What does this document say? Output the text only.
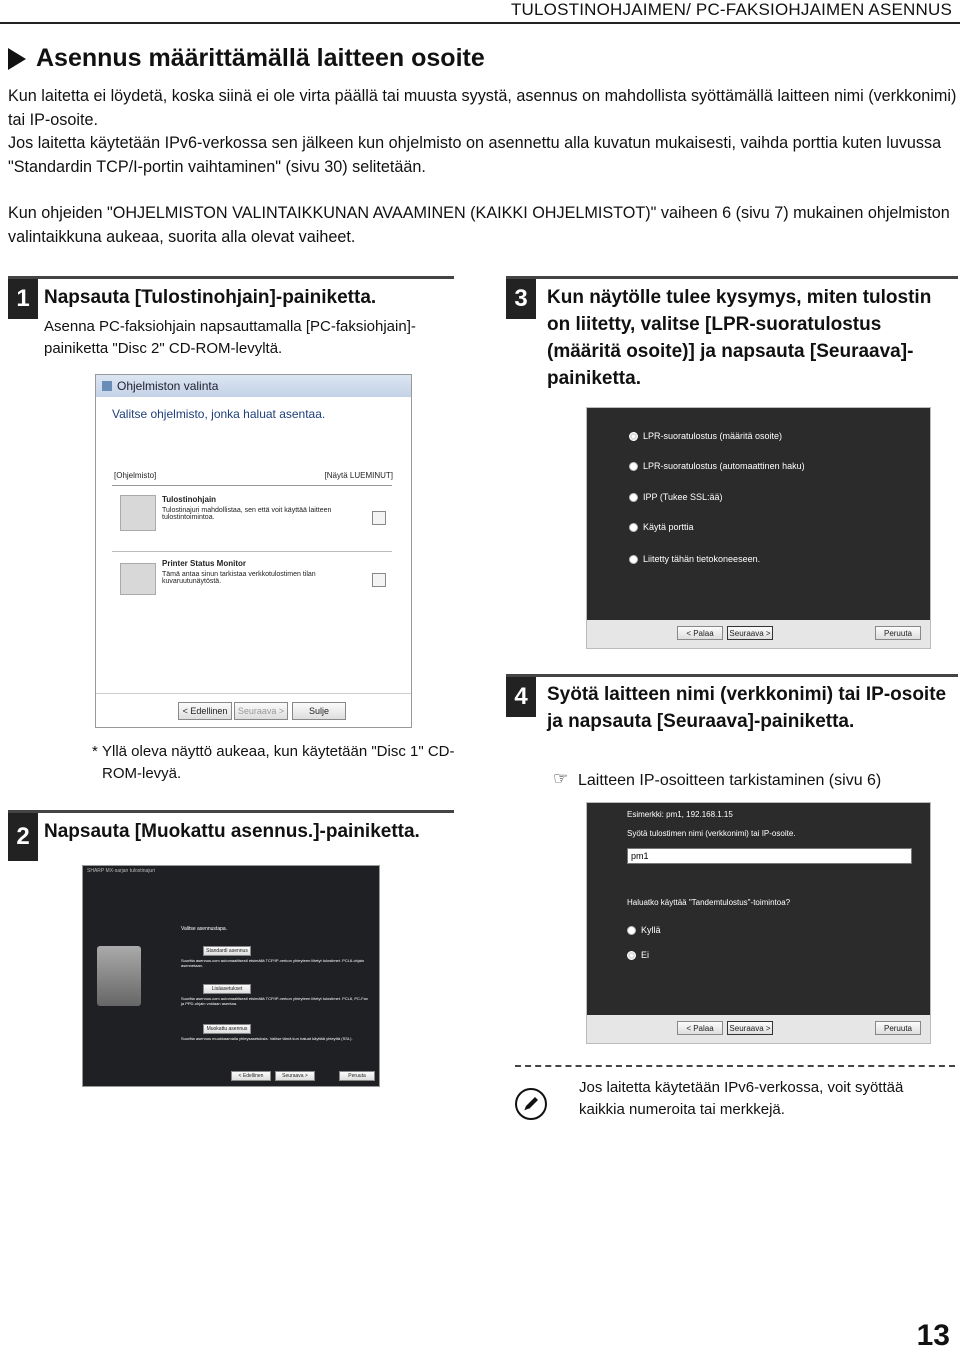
TULOSTINOHJAIMEN/ PC-FAKSIOHJAIMEN ASENNUS
Asennus määrittämällä laitteen osoite
Kun laitetta ei löydetä, koska siinä ei ole virta päällä tai muusta syystä, asennus on mahdollista syöttämällä laitteen nimi (verkkonimi) tai IP-osoite.
Jos laitetta käytetään IPv6-verkossa sen jälkeen kun ohjelmisto on asennettu alla kuvatun mukaisesti, vaihda porttia kuten luvussa "Standardin TCP/I-portin vaihtaminen" (sivu 30) selitetään.
Kun ohjeiden "OHJELMISTON VALINTAIKKUNAN AVAAMINEN (KAIKKI OHJELMISTOT)" vaiheen 6 (sivu 7) mukainen ohjelmiston valintaikkuna aukeaa, suorita alla olevat vaiheet.
1 Napsauta [Tulostinohjain]-painiketta.
Asenna PC-faksiohjain napsauttamalla [PC-faksiohjain]-painiketta "Disc 2" CD-ROM-levyltä.
Ohjelmiston valinta
Valitse ohjelmisto, jonka haluat asentaa.
[Ohjelmisto]	[Näytä LUEMINUT]
Tulostinohjain
Tulostinajuri mahdollistaa, sen että voit käyttää laitteen tulostintoimintoa.
Printer Status Monitor
Tämä antaa sinun tarkistaa verkkotulostimen tilan kuvaruutunäytöstä.
< Edellinen	Seuraava >	Sulje
* Yllä oleva näyttö aukeaa, kun käytetään "Disc 1" CD-ROM-levyä.
2 Napsauta [Muokattu asennus.]-painiketta.
SHARP MX-sarjan tulostinajuri
Valitse asennustapa.
Standardi asennus
Suoritta asennus.com automaattisesti etsimällä TCP/IP-verkon yhteyteen liitetyt tulostimet. PCL6-ohjain asennetaan.
Lisäasetukset
Suoritta asennus.com automaattisesti etsimällä TCP/IP-verkon yhteyteen liitetyt tulostimet. PCL6, PC-Fax ja PPD-ohjain voidaan asentaa.
Muokattu asennus
Suoritta asennus muokkaamalla yhteysasetuksia. Valitse tämä kun haluat käyttää yhteyttä (SSL).
< Edellinen	Seuraava >	Peruuta
3	Kun näytölle tulee kysymys, miten tulostin on liitetty, valitse [LPR-suoratulostus (määritä osoite)] ja napsauta [Seuraava]-painiketta.
LPR-suoratulostus (määritä osoite)
LPR-suoratulostus (automaattinen haku)
IPP (Tukee SSL:ää)
Käytä porttia
Liitetty tähän tietokoneeseen.
< Palaa	Seuraava >	Peruuta
4	Syötä laitteen nimi (verkkonimi) tai IP-osoite ja napsauta [Seuraava]-painiketta.
☞ Laitteen IP-osoitteen tarkistaminen (sivu 6)
Esimerkki: pm1, 192.168.1.15
Syötä tulostimen nimi (verkkonimi) tai IP-osoite.
pm1
Haluatko käyttää "Tandemtulostus"-toimintoa?
Kyllä
Ei
< Palaa	Seuraava >	Peruuta
Jos laitetta käytetään IPv6-verkossa, voit syöttää kaikkia numeroita tai merkkejä.
13
